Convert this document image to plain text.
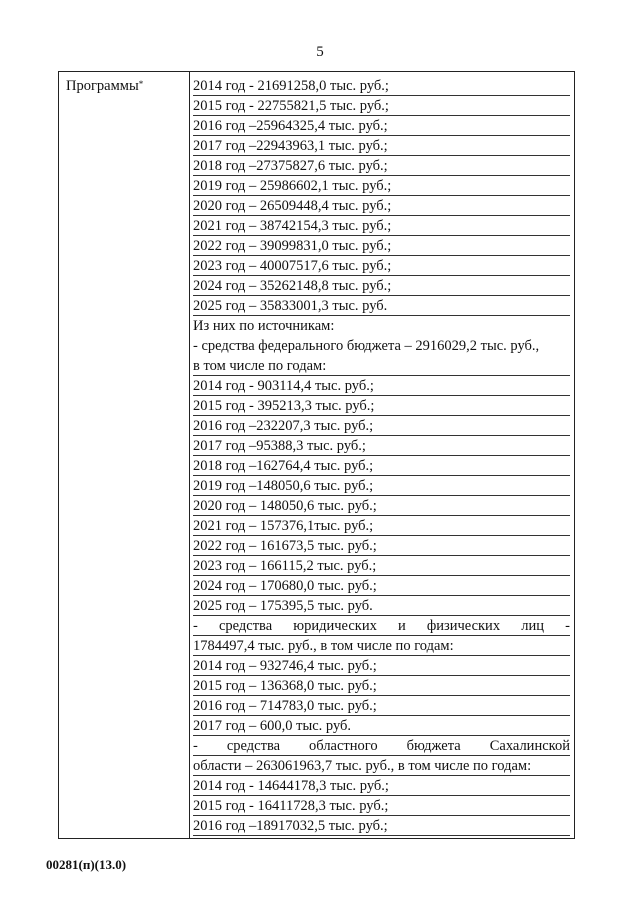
5
Программы*	2014 год - 21691258,0 тыс. руб.;
2015 год - 22755821,5 тыс. руб.;
2016 год –25964325,4 тыс. руб.;
2017 год –22943963,1 тыс. руб.;
2018 год –27375827,6 тыс. руб.;
2019 год – 25986602,1 тыс. руб.;
2020 год – 26509448,4 тыс. руб.;
2021 год – 38742154,3 тыс. руб.;
2022 год – 39099831,0 тыс. руб.;
2023 год – 40007517,6 тыс. руб.;
2024 год – 35262148,8 тыс. руб.;
2025 год – 35833001,3 тыс. руб.
Из них по источникам:
- средства федерального бюджета – 2916029,2 тыс. руб.,
в том числе по годам:
2014 год - 903114,4 тыс. руб.;
2015 год - 395213,3 тыс. руб.;
2016 год –232207,3 тыс. руб.;
2017 год –95388,3 тыс. руб.;
2018 год –162764,4 тыс. руб.;
2019 год –148050,6 тыс. руб.;
2020 год – 148050,6 тыс. руб.;
2021 год – 157376,1тыс. руб.;
2022 год – 161673,5 тыс. руб.;
2023 год – 166115,2 тыс. руб.;
2024 год – 170680,0 тыс. руб.;
2025 год – 175395,5 тыс. руб.
- средства юридических и физических лиц -
1784497,4 тыс. руб., в том числе по годам:
2014 год – 932746,4 тыс. руб.;
2015 год – 136368,0 тыс. руб.;
2016 год – 714783,0 тыс. руб.;
2017 год – 600,0 тыс. руб.
- средства областного бюджета Сахалинской
области – 263061963,7 тыс. руб., в том числе по годам:
2014 год - 14644178,3 тыс. руб.;
2015 год - 16411728,3 тыс. руб.;
2016 год –18917032,5 тыс. руб.;
00281(п)(13.0)
